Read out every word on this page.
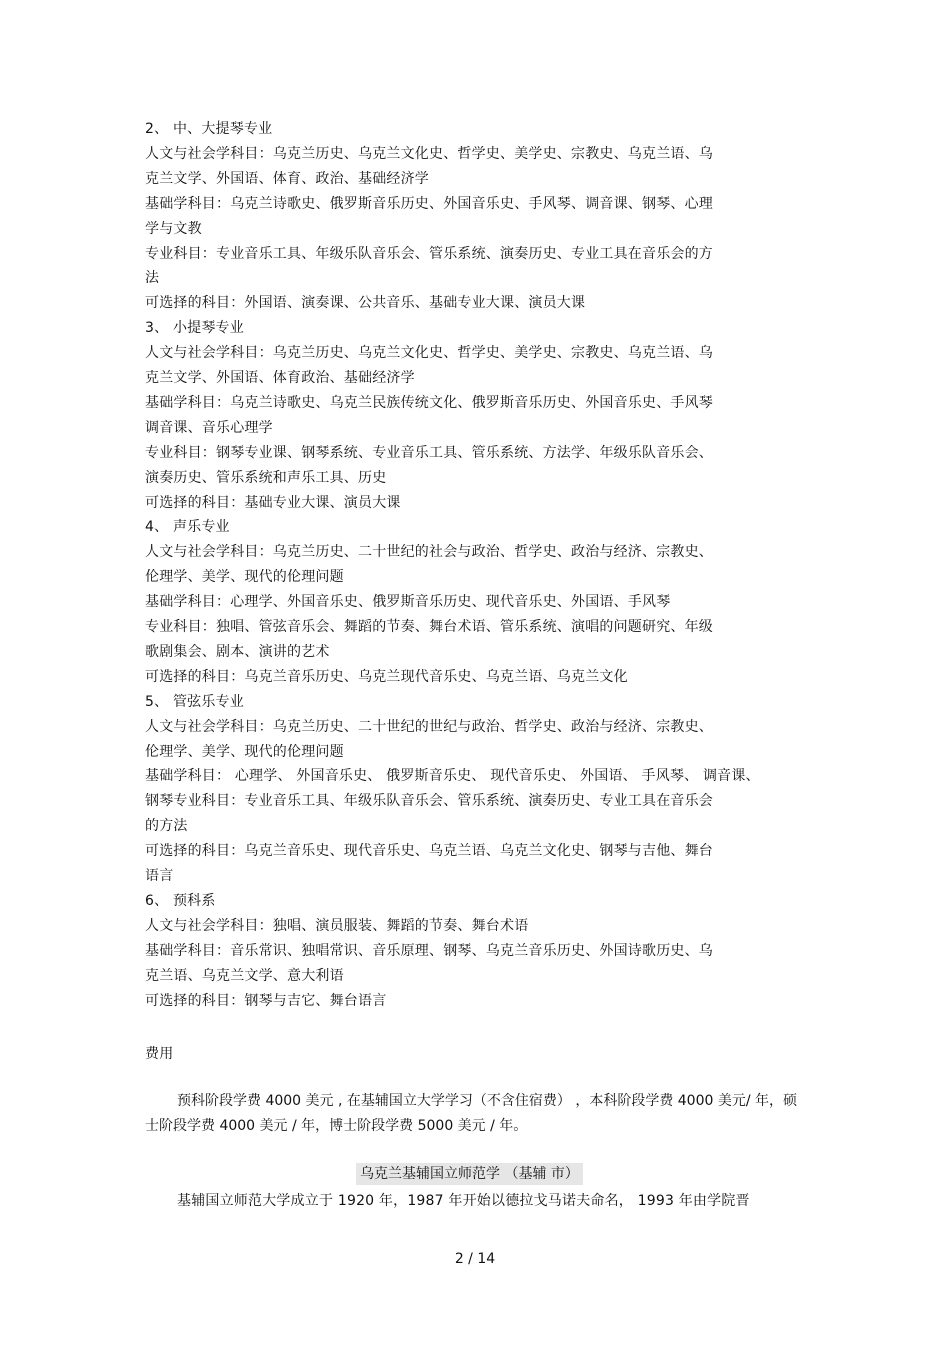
2、 中、大提琴专业
人文与社会学科目：乌克兰历史、乌克兰文化史、哲学史、美学史、宗教史、乌克兰语、乌
克兰文学、外国语、体育、政治、基础经济学
基础学科目：乌克兰诗歌史、俄罗斯音乐历史、外国音乐史、手风琴、调音课、钢琴、心理
学与文教
专业科目：专业音乐工具、年级乐队音乐会、管乐系统、演奏历史、专业工具在音乐会的方
法
可选择的科目：外国语、演奏课、公共音乐、基础专业大课、演员大课
3、 小提琴专业
人文与社会学科目：乌克兰历史、乌克兰文化史、哲学史、美学史、宗教史、乌克兰语、乌
克兰文学、外国语、体育政治、基础经济学
基础学科目：乌克兰诗歌史、乌克兰民族传统文化、俄罗斯音乐历史、外国音乐史、手风琴
调音课、音乐心理学
专业科目：钢琴专业课、钢琴系统、专业音乐工具、管乐系统、方法学、年级乐队音乐会、
演奏历史、管乐系统和声乐工具、历史
可选择的科目：基础专业大课、演员大课
4、 声乐专业
人文与社会学科目：乌克兰历史、二十世纪的社会与政治、哲学史、政治与经济、宗教史、
伦理学、美学、现代的伦理问题
基础学科目：心理学、外国音乐史、俄罗斯音乐历史、现代音乐史、外国语、手风琴
专业科目：独唱、管弦音乐会、舞蹈的节奏、舞台术语、管乐系统、演唱的问题研究、年级
歌剧集会、剧本、演讲的艺术
可选择的科目：乌克兰音乐历史、乌克兰现代音乐史、乌克兰语、乌克兰文化
5、 管弦乐专业
人文与社会学科目：乌克兰历史、二十世纪的世纪与政治、哲学史、政治与经济、宗教史、
伦理学、美学、现代的伦理问题
基础学科目： 心理学、 外国音乐史、 俄罗斯音乐史、 现代音乐史、 外国语、 手风琴、 调音课、
钢琴专业科目：专业音乐工具、年级乐队音乐会、管乐系统、演奏历史、专业工具在音乐会
的方法
可选择的科目：乌克兰音乐史、现代音乐史、乌克兰语、乌克兰文化史、钢琴与吉他、舞台
语言
6、 预科系
人文与社会学科目：独唱、演员服装、舞蹈的节奏、舞台术语
基础学科目：音乐常识、独唱常识、音乐原理、钢琴、乌克兰音乐历史、外国诗歌历史、乌
克兰语、乌克兰文学、意大利语
可选择的科目：钢琴与吉它、舞台语言
费用
预科阶段学费 4000 美元 , 在基辅国立大学学习（不含住宿费） ，本科阶段学费 4000 美元/ 年，硕士阶段学费 4000 美元 / 年，博士阶段学费 5000 美元 / 年。
乌克兰基辅国立师范学 （基辅 市）
基辅国立师范大学成立于 1920 年，1987 年开始以德拉戈马诺夫命名， 1993 年由学院晋
2 / 14
